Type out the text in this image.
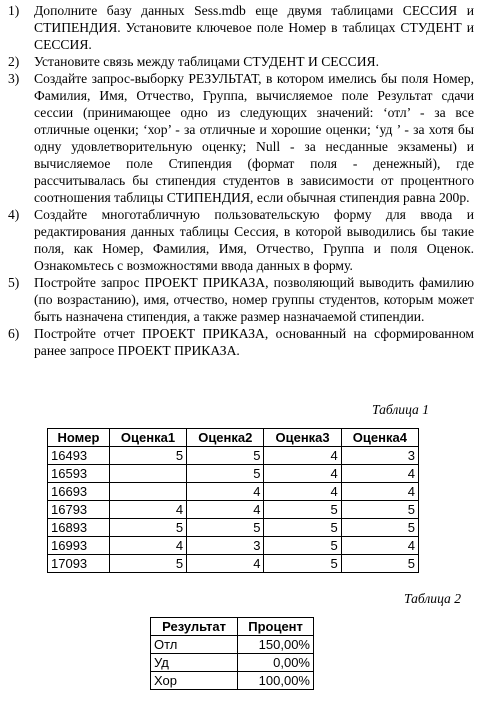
1) Дополните базу данных Sess.mdb еще двумя таблицами СЕССИЯ и СТИПЕНДИЯ. Установите ключевое поле Номер в таблицах СТУДЕНТ и СЕССИЯ.
2) Установите связь между таблицами СТУДЕНТ И СЕССИЯ.
3) Создайте запрос-выборку РЕЗУЛЬТАТ, в котором имелись бы поля Номер, Фамилия, Имя, Отчество, Группа, вычисляемое поле Результат сдачи сессии (принимающее одно из следующих значений: ‘отл’ - за все отличные оценки; ‘хор’ - за отличные и хорошие оценки; ‘уд ’ - за хотя бы одну удовлетворительную оценку; Null - за несданные экзамены) и вычисляемое поле Стипендия (формат поля - денежный), где рассчитывалась бы стипендия студентов в зависимости от процентного соотношения таблицы СТИПЕНДИЯ, если обычная стипендия равна 200р.
4) Создайте многотабличную пользовательскую форму для ввода и редактирования данных таблицы Сессия, в которой выводились бы такие поля, как Номер, Фамилия, Имя, Отчество, Группа и поля Оценок. Ознакомьтесь с возможностями ввода данных в форму.
5) Постройте запрос ПРОЕКТ ПРИКАЗА, позволяющий выводить фамилию (по возрастанию), имя, отчество, номер группы студентов, которым может быть назначена стипендия, а также размер назначаемой стипендии.
6) Постройте отчет ПРОЕКТ ПРИКАЗА, основанный на сформированном ранее запросе ПРОЕКТ ПРИКАЗА.
Таблица 1
Номер	Оценка1	Оценка2	Оценка3	Оценка4
16493	5	5	4	3
16593		5	4	4
16693		4	4	4
16793	4	4	5	5
16893	5	5	5	5
16993	4	3	5	4
17093	5	4	5	5
Таблица 2
Результат	Процент
Отл	150,00%
Уд	0,00%
Хор	100,00%
